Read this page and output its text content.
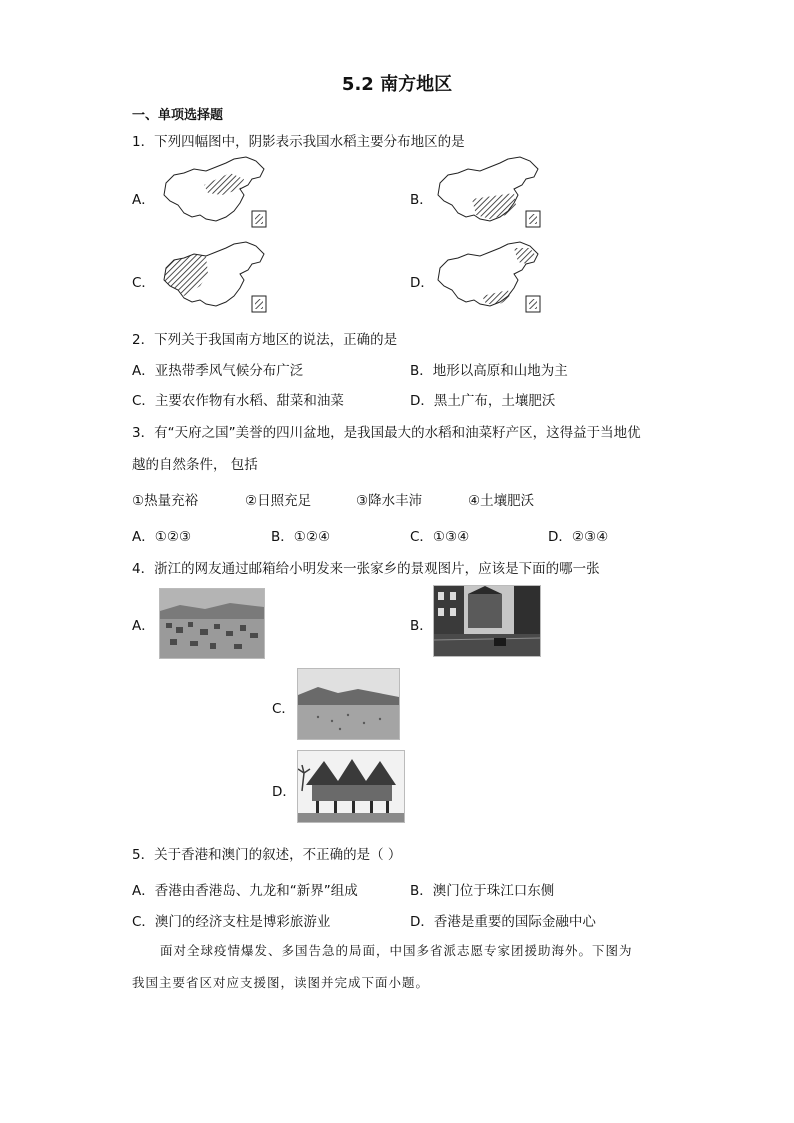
5.2 南方地区
一、单项选择题
1．下列四幅图中，阴影表示我国水稻主要分布地区的是
A．	B．
C．	D．
2．下列关于我国南方地区的说法，正确的是
A．亚热带季风气候分布广泛	B．地形以高原和山地为主
C．主要农作物有水稻、甜菜和油菜	D．黑土广布，土壤肥沃
3．有“天府之国”美誉的四川盆地，是我国最大的水稻和油菜籽产区，这得益于当地优
越的自然条件， 包括
①热量充裕	②日照充足	③降水丰沛	④土壤肥沃
A．①②③	B．①②④	C．①③④	D．②③④
4．浙江的网友通过邮箱给小明发来一张家乡的景观图片，应该是下面的哪一张
A．	B．
C．
D．
5．关于香港和澳门的叙述，不正确的是（ ）
A．香港由香港岛、九龙和“新界”组成	B．澳门位于珠江口东侧
C．澳门的经济支柱是博彩旅游业	D．香港是重要的国际金融中心
面对全球疫情爆发、多国告急的局面，中国多省派志愿专家团援助海外。下图为
我国主要省区对应支援图，读图并完成下面小题。
